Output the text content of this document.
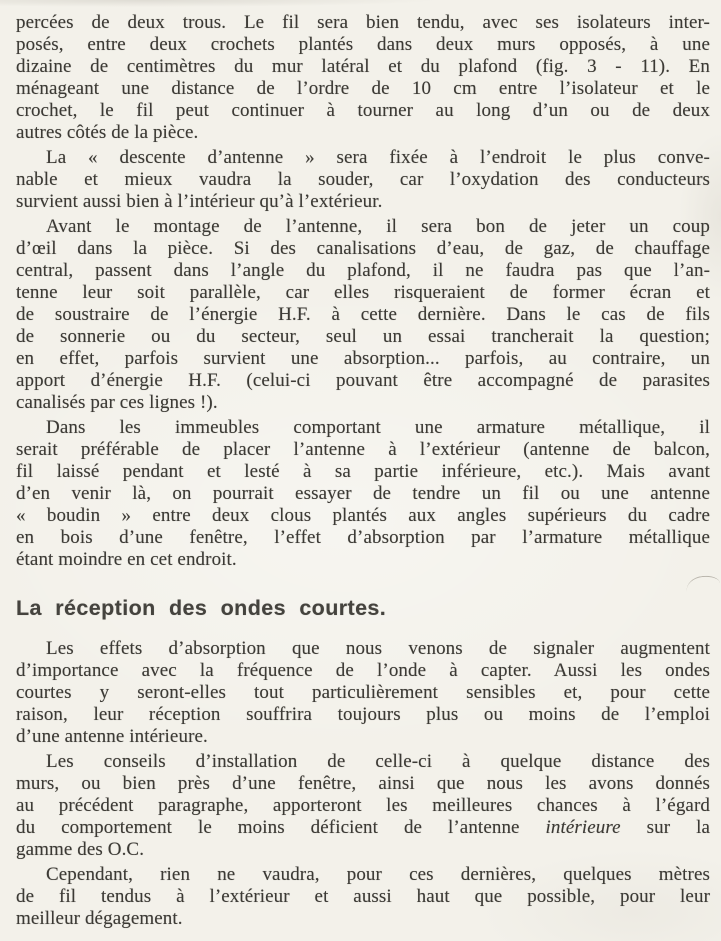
percées de deux trous. Le fil sera bien tendu, avec ses isolateurs inter-
posés, entre deux crochets plantés dans deux murs opposés, à une
dizaine de centimètres du mur latéral et du plafond (fig. 3 - 11). En
ménageant une distance de l’ordre de 10 cm entre l’isolateur et le
crochet, le fil peut continuer à tourner au long d’un ou de deux
autres côtés de la pièce.
La « descente d’antenne » sera fixée à l’endroit le plus conve-
nable et mieux vaudra la souder, car l’oxydation des conducteurs
survient aussi bien à l’intérieur qu’à l’extérieur.
Avant le montage de l’antenne, il sera bon de jeter un coup
d’œil dans la pièce. Si des canalisations d’eau, de gaz, de chauffage
central, passent dans l’angle du plafond, il ne faudra pas que l’an-
tenne leur soit parallèle, car elles risqueraient de former écran et
de soustraire de l’énergie H.F. à cette dernière. Dans le cas de fils
de sonnerie ou du secteur, seul un essai trancherait la question;
en effet, parfois survient une absorption... parfois, au contraire, un
apport d’énergie H.F. (celui-ci pouvant être accompagné de parasites
canalisés par ces lignes !).
Dans les immeubles comportant une armature métallique, il
serait préférable de placer l’antenne à l’extérieur (antenne de balcon,
fil laissé pendant et lesté à sa partie inférieure, etc.). Mais avant
d’en venir là, on pourrait essayer de tendre un fil ou une antenne
« boudin » entre deux clous plantés aux angles supérieurs du cadre
en bois d’une fenêtre, l’effet d’absorption par l’armature métallique
étant moindre en cet endroit.
La réception des ondes courtes.
Les effets d’absorption que nous venons de signaler augmentent
d’importance avec la fréquence de l’onde à capter. Aussi les ondes
courtes y seront-elles tout particulièrement sensibles et, pour cette
raison, leur réception souffrira toujours plus ou moins de l’emploi
d’une antenne intérieure.
Les conseils d’installation de celle-ci à quelque distance des
murs, ou bien près d’une fenêtre, ainsi que nous les avons donnés
au précédent paragraphe, apporteront les meilleures chances à l’égard
du comportement le moins déficient de l’antenne intérieure sur la
gamme des O.C.
Cependant, rien ne vaudra, pour ces dernières, quelques mètres
de fil tendus à l’extérieur et aussi haut que possible, pour leur
meilleur dégagement.
